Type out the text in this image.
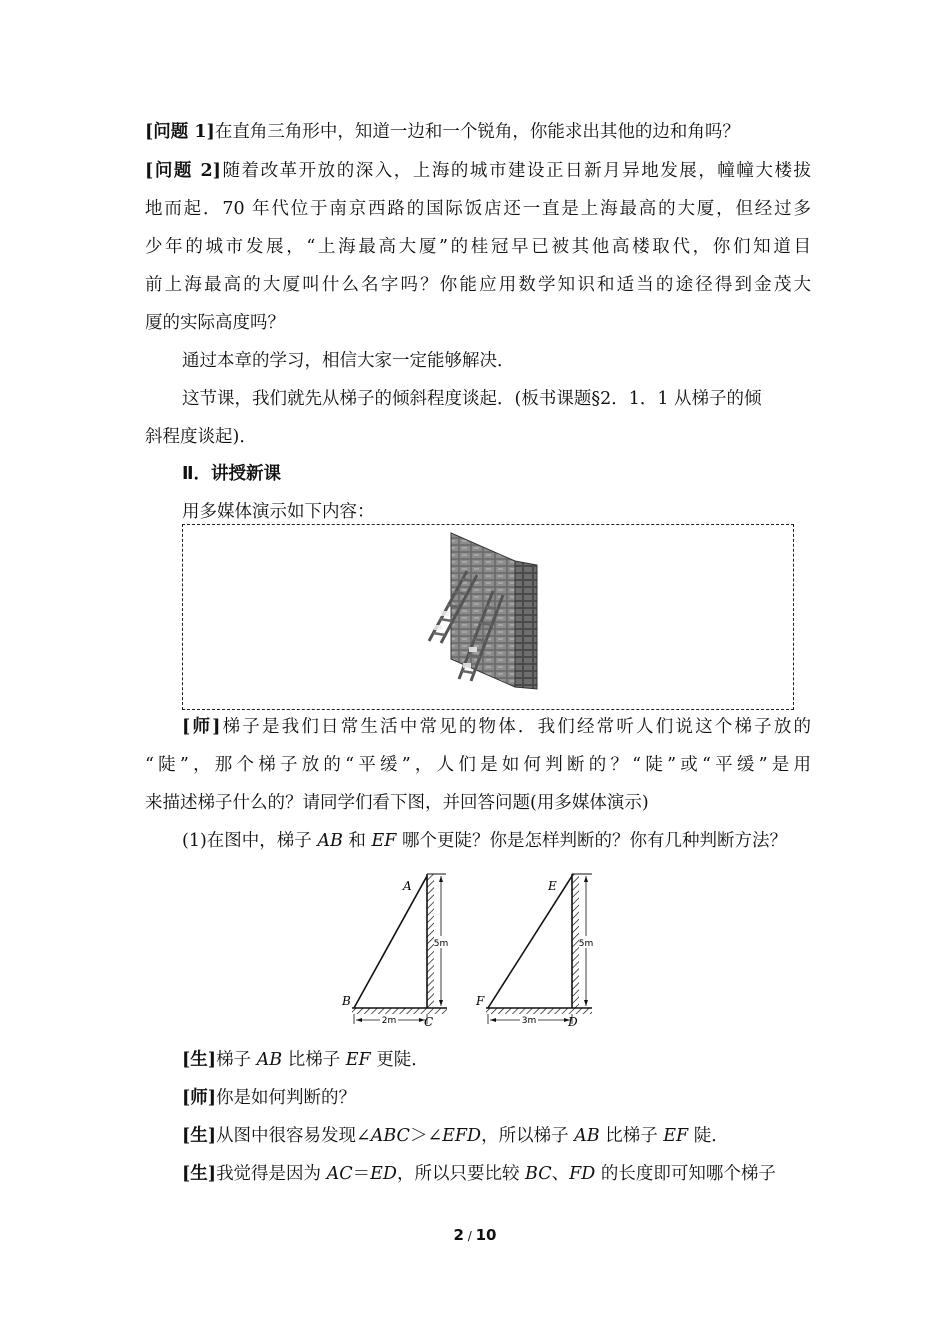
[问题 1]在直角三角形中，知道一边和一个锐角，你能求出其他的边和角吗？
[问题 2]随着改革开放的深入，上海的城市建设正日新月异地发展，幢幢大楼拔
地而起．70 年代位于南京西路的国际饭店还一直是上海最高的大厦，但经过多
少年的城市发展，“上海最高大厦”的桂冠早已被其他高楼取代，你们知道目
前上海最高的大厦叫什么名字吗？你能应用数学知识和适当的途径得到金茂大
厦的实际高度吗？
通过本章的学习，相信大家一定能够解决．
这节课，我们就先从梯子的倾斜程度谈起．(板书课题§2．1．1 从梯子的倾
斜程度谈起)．
Ⅱ．讲授新课
用多媒体演示如下内容：
[师]梯子是我们日常生活中常见的物体．我们经常听人们说这个梯子放的
“陡”，那个梯子放的“平缓”，人们是如何判断的？“陡”或“平缓”是用
来描述梯子什么的？请同学们看下图，并回答问题(用多媒体演示)
(1)在图中，梯子 AB 和 EF 哪个更陡？你是怎样判断的？你有几种判断方法？
5m
2m
A
B
C
5m
3m
E
F
D
[生]梯子 AB 比梯子 EF 更陡．
[师]你是如何判断的？
[生]从图中很容易发现∠ABC＞∠EFD，所以梯子 AB 比梯子 EF 陡．
[生]我觉得是因为 AC＝ED，所以只要比较 BC、FD 的长度即可知哪个梯子
2 / 10
